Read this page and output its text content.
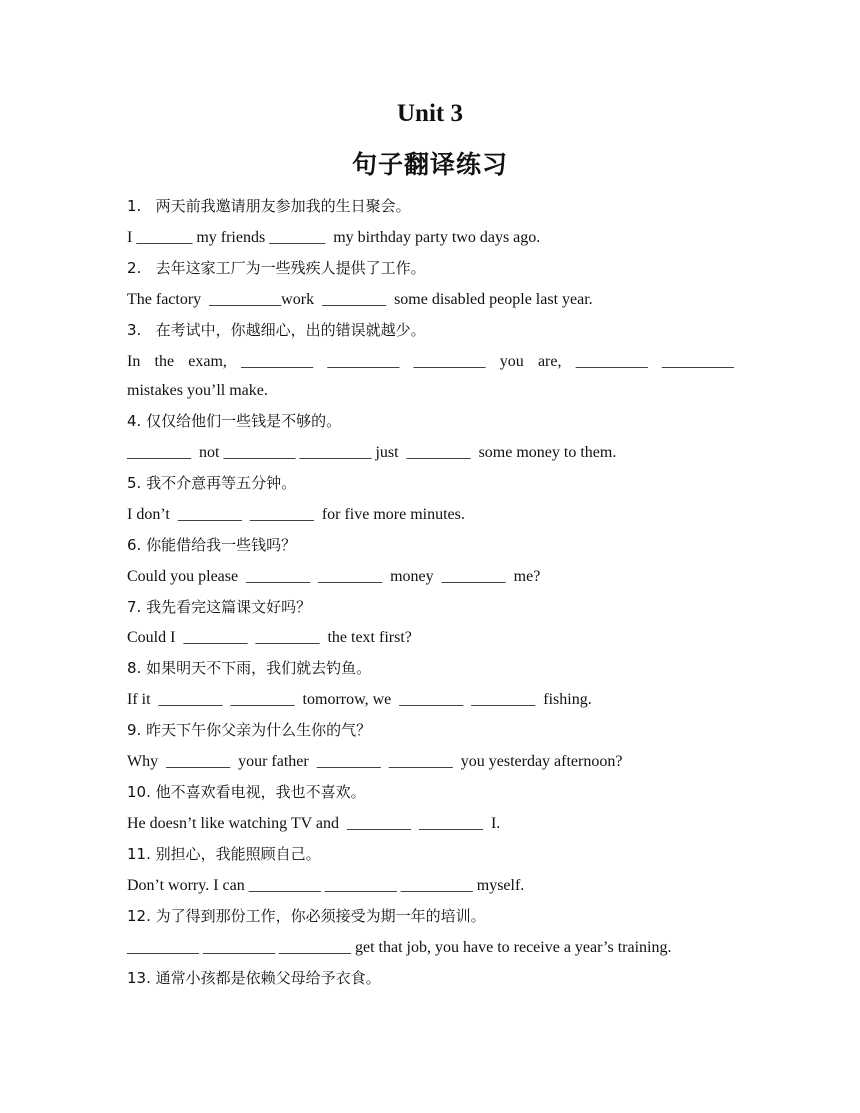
Unit 3
句子翻译练习
1.   两天前我邀请朋友参加我的生日聚会。
I _______ my friends _______  my birthday party two days ago.
2.   去年这家工厂为一些残疾人提供了工作。
The factory  _________work  ________  some disabled people last year.
3.   在考试中，你越细心，出的错误就越少。
In the exam, _________ _________ _________ you are, _________ _________
mistakes you’ll make.
4. 仅仅给他们一些钱是不够的。
________  not _________ _________ just  ________  some money to them.
5. 我不介意再等五分钟。
I don’t  ________  ________  for five more minutes.
6. 你能借给我一些钱吗？
Could you please  ________  ________  money  ________  me?
7. 我先看完这篇课文好吗？
Could I  ________  ________  the text first?
8. 如果明天不下雨，我们就去钓鱼。
If it  ________  ________  tomorrow, we  ________  ________  fishing.
9. 昨天下午你父亲为什么生你的气？
Why  ________  your father  ________  ________  you yesterday afternoon?
10. 他不喜欢看电视，我也不喜欢。
He doesn’t like watching TV and  ________  ________  I.
11. 别担心，我能照顾自己。
Don’t worry. I can _________ _________ _________ myself.
12. 为了得到那份工作，你必须接受为期一年的培训。
_________ _________ _________ get that job, you have to receive a year’s training.
13. 通常小孩都是依赖父母给予衣食。
